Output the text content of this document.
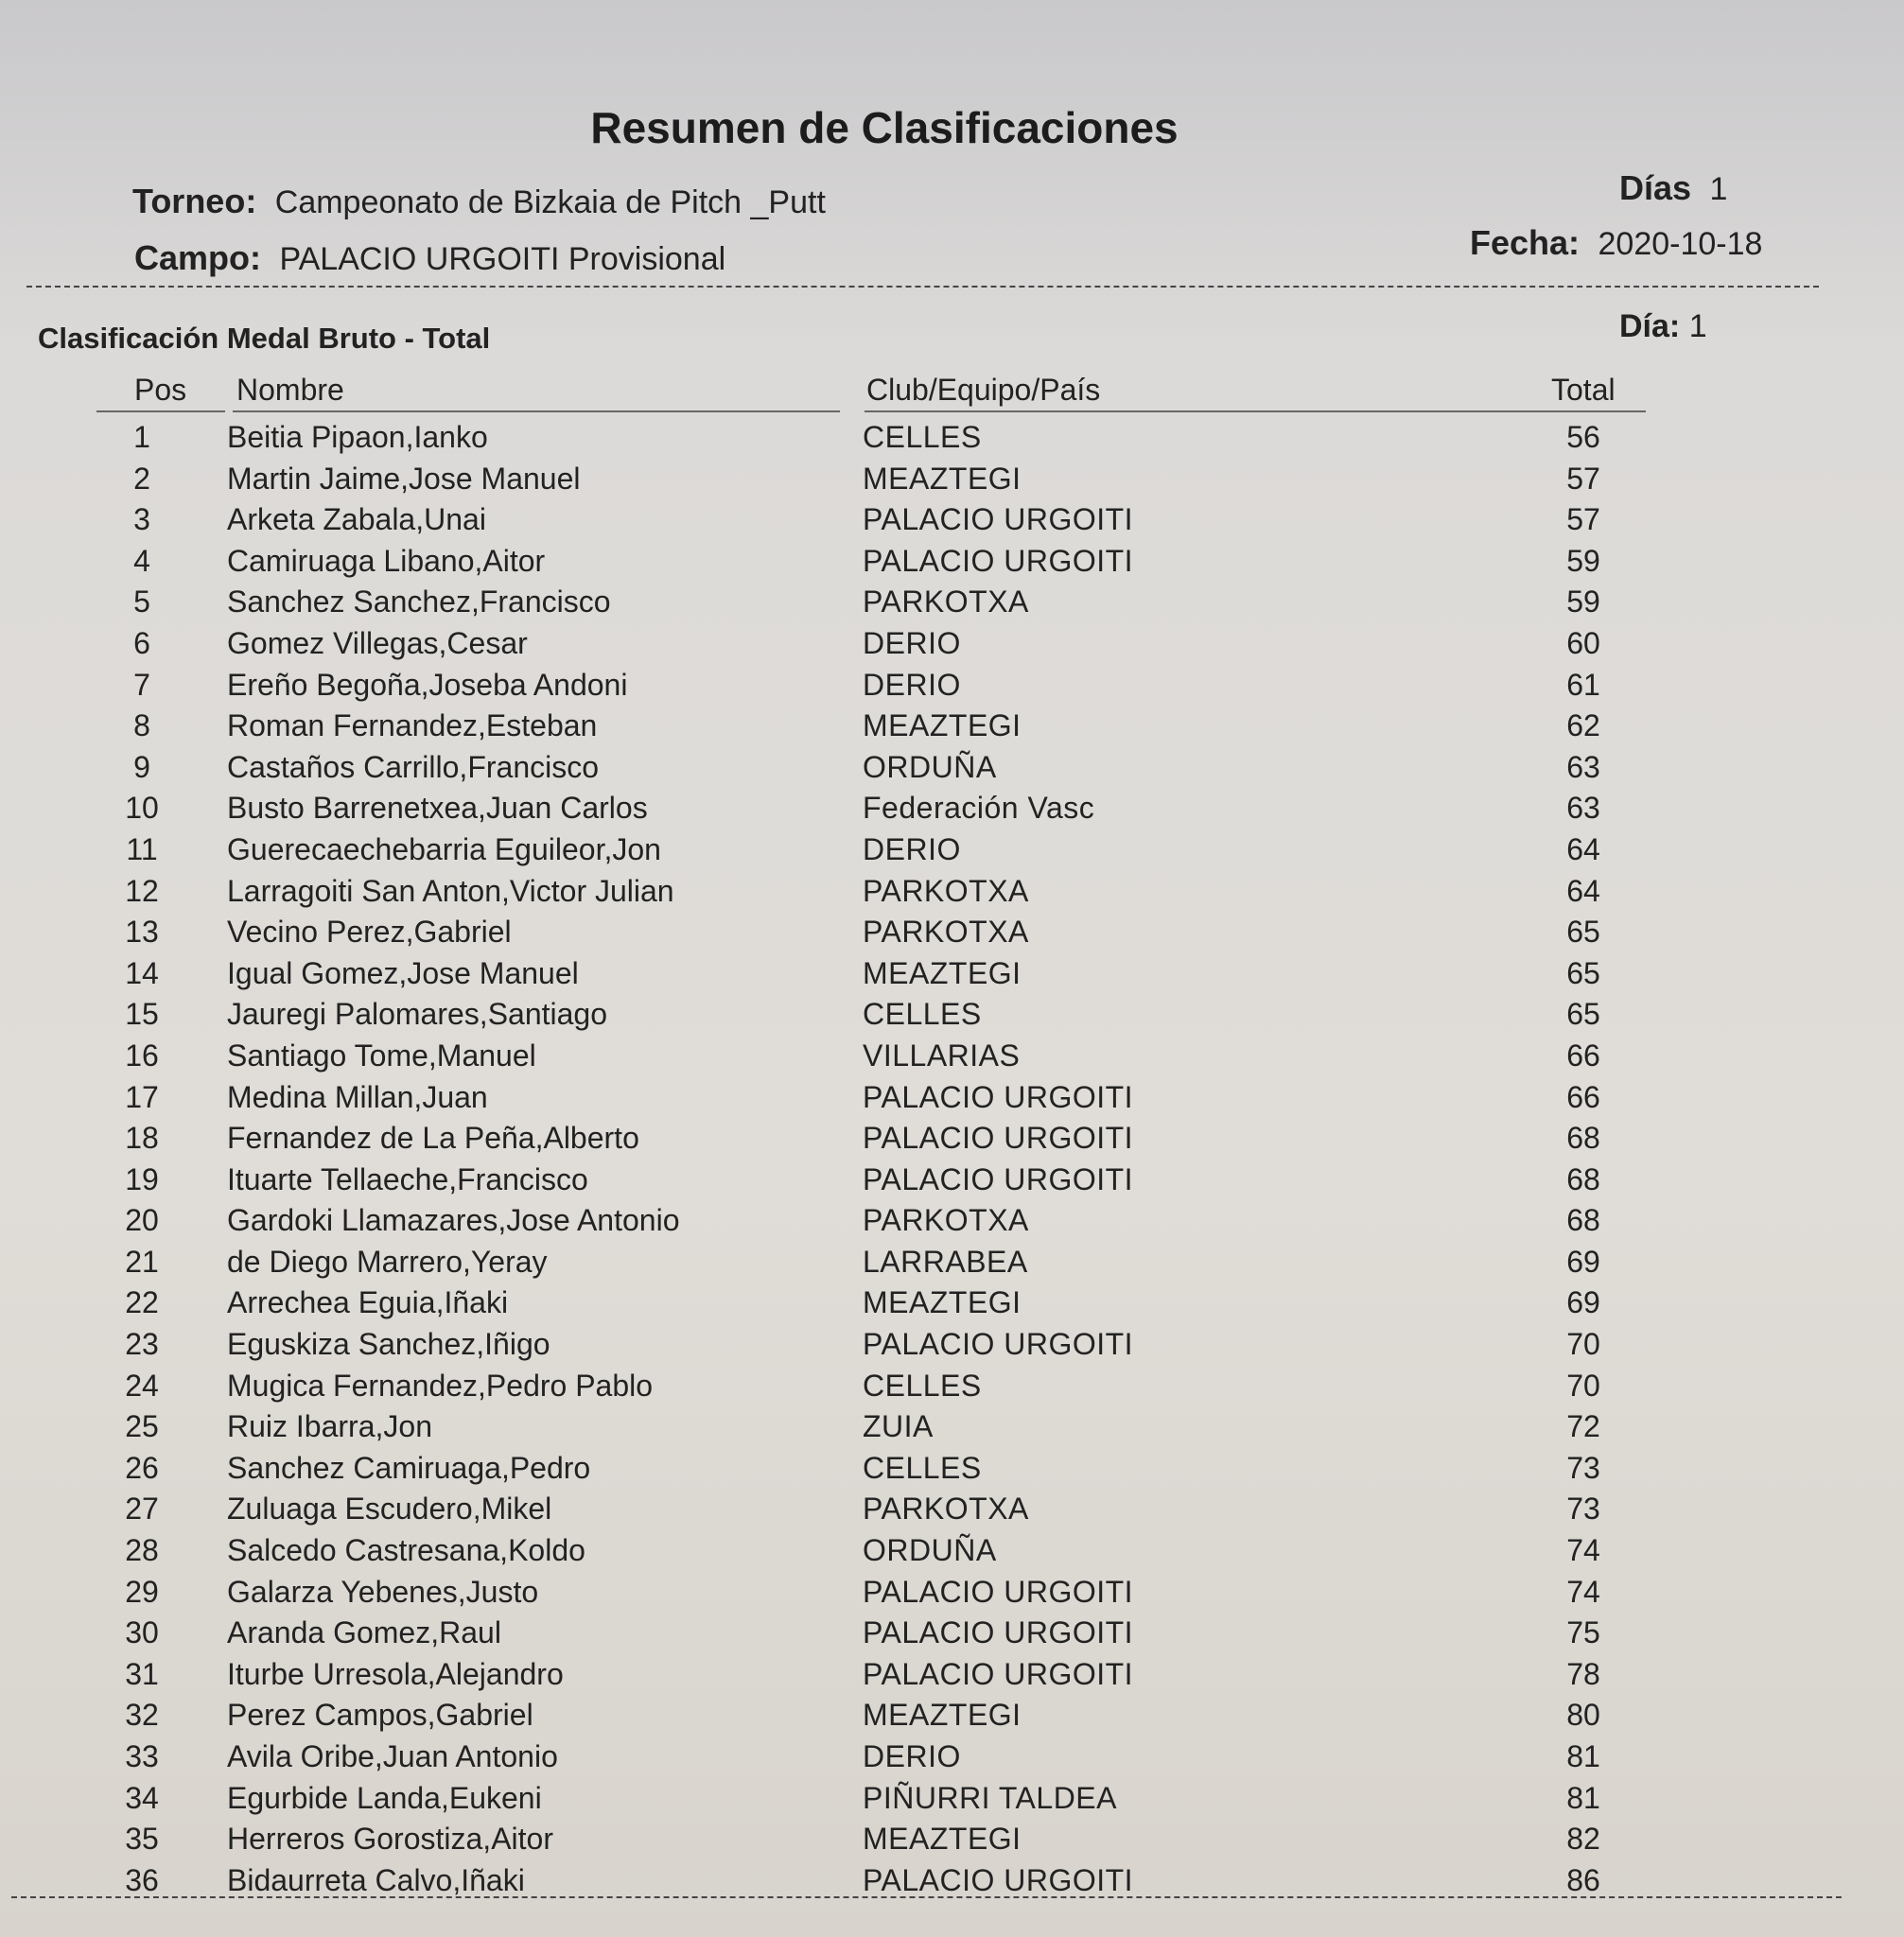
Resumen de Clasificaciones
Torneo: Campeonato de Bizkaia de Pitch _Putt
Campo: PALACIO URGOITI Provisional
Días 1
Fecha: 2020-10-18
Clasificación Medal Bruto - Total	Día: 1
Pos Nombre	Club/Equipo/País	Total
1	Beitia Pipaon,Ianko	CELLES	56
2	Martin Jaime,Jose Manuel	MEAZTEGI	57
3	Arketa Zabala,Unai	PALACIO URGOITI	57
4	Camiruaga Libano,Aitor	PALACIO URGOITI	59
5	Sanchez Sanchez,Francisco	PARKOTXA	59
6	Gomez Villegas,Cesar	DERIO	60
7	Ereño Begoña,Joseba Andoni	DERIO	61
8	Roman Fernandez,Esteban	MEAZTEGI	62
9	Castaños Carrillo,Francisco	ORDUÑA	63
10	Busto Barrenetxea,Juan Carlos	Federación Vasc	63
11	Guerecaechebarria Eguileor,Jon	DERIO	64
12	Larragoiti San Anton,Victor Julian	PARKOTXA	64
13	Vecino Perez,Gabriel	PARKOTXA	65
14	Igual Gomez,Jose Manuel	MEAZTEGI	65
15	Jauregi Palomares,Santiago	CELLES	65
16	Santiago Tome,Manuel	VILLARIAS	66
17	Medina Millan,Juan	PALACIO URGOITI	66
18	Fernandez de La Peña,Alberto	PALACIO URGOITI	68
19	Ituarte Tellaeche,Francisco	PALACIO URGOITI	68
20	Gardoki Llamazares,Jose Antonio	PARKOTXA	68
21	de Diego Marrero,Yeray	LARRABEA	69
22	Arrechea Eguia,Iñaki	MEAZTEGI	69
23	Eguskiza Sanchez,Iñigo	PALACIO URGOITI	70
24	Mugica Fernandez,Pedro Pablo	CELLES	70
25	Ruiz Ibarra,Jon	ZUIA	72
26	Sanchez Camiruaga,Pedro	CELLES	73
27	Zuluaga Escudero,Mikel	PARKOTXA	73
28	Salcedo Castresana,Koldo	ORDUÑA	74
29	Galarza Yebenes,Justo	PALACIO URGOITI	74
30	Aranda Gomez,Raul	PALACIO URGOITI	75
31	Iturbe Urresola,Alejandro	PALACIO URGOITI	78
32	Perez Campos,Gabriel	MEAZTEGI	80
33	Avila Oribe,Juan Antonio	DERIO	81
34	Egurbide Landa,Eukeni	PIÑURRI TALDEA	81
35	Herreros Gorostiza,Aitor	MEAZTEGI	82
36	Bidaurreta Calvo,Iñaki	PALACIO URGOITI	86
